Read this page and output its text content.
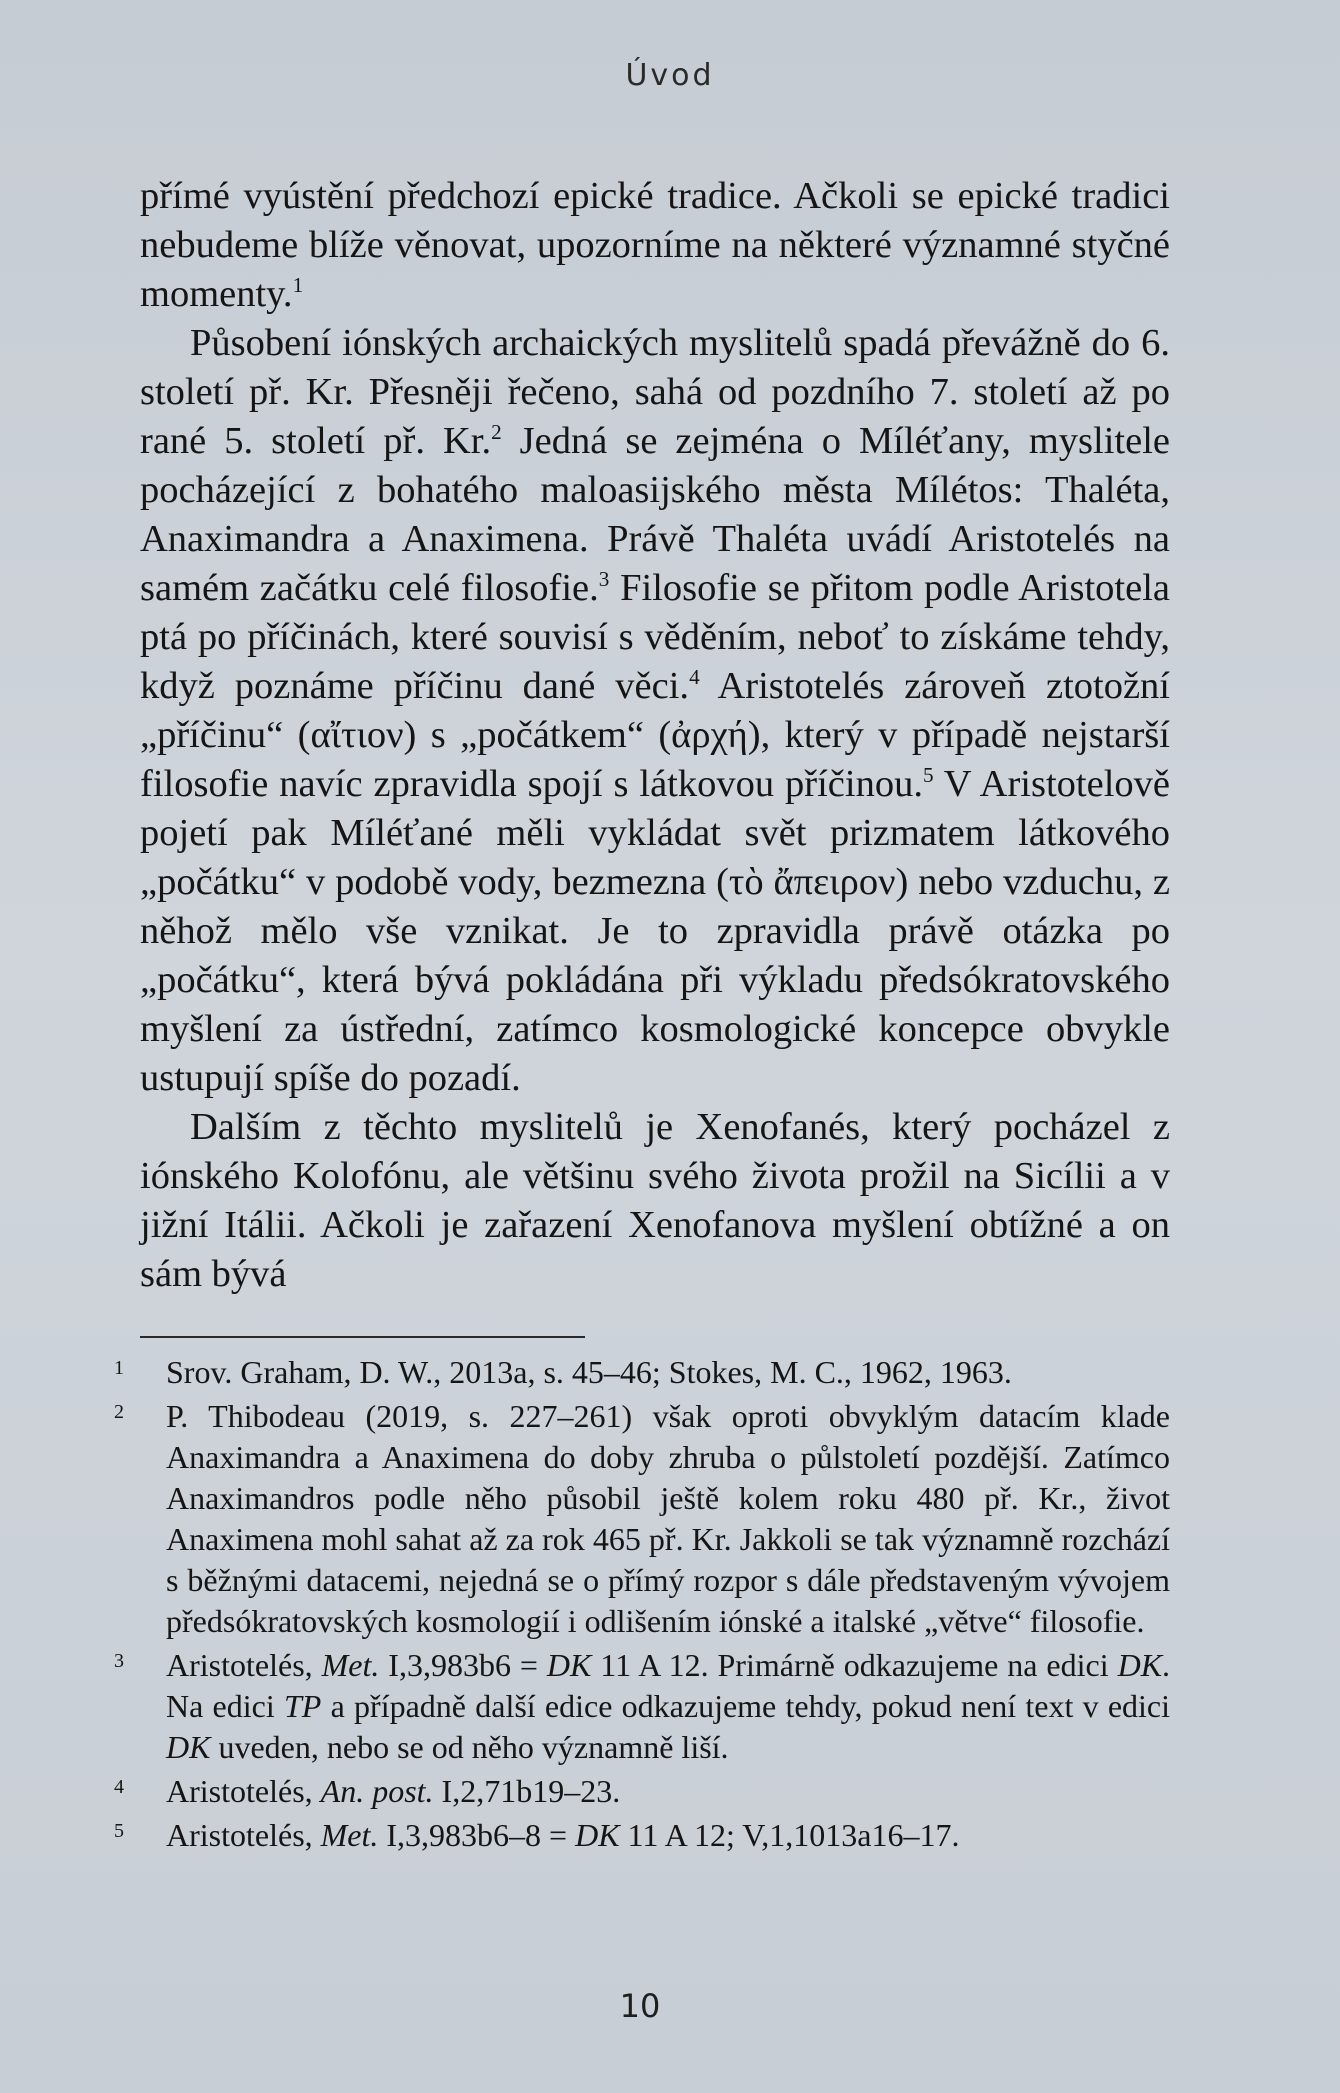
Úvod

přímé vyústění předchozí epické tradice. Ačkoli se epické tradici nebudeme blíže věnovat, upozorníme na některé významné styčné momenty.$^1$

Působení iónských archaických myslitelů spadá převážně do 6. století př. Kr. Přesněji řečeno, sahá od pozdního 7. století až po rané 5. století př. Kr.$^2$ Jedná se zejména o Míléťany, myslitele pocházející z bohatého maloasijského města Mílétos: Thaléta, Anaximandra a Anaximena. Právě Thaléta uvádí Aristotelés na samém začátku celé filosofie.$^3$ Filosofie se přitom podle Aristotela ptá po příčinách, které souvisí s věděním, neboť to získáme tehdy, když poznáme příčinu dané věci.$^4$ Aristotelés zároveň ztotožní „příčinu“ (αἴτιον) s „počátkem“ (ἀρχή), který v případě nejstarší filosofie navíc zpravidla spojí s látkovou příčinou.$^5$ V Aristotelově pojetí pak Míléťané měli vykládat svět prizmatem látkového „počátku“ v podobě vody, bezmezna (τὸ ἄπειρον) nebo vzduchu, z něhož mělo vše vznikat. Je to zpravidla právě otázka po „počátku“, která bývá pokládána při výkladu předsókratovského myšlení za ústřední, zatímco kosmologické koncepce obvykle ustupují spíše do pozadí.

Dalším z těchto myslitelů je Xenofanés, který pocházel z iónského Kolofónu, ale většinu svého života prožil na Sicílii a v jižní Itálii. Ačkoli je zařazení Xenofanova myšlení obtížné a on sám bývá

1	Srov. Graham, D. W., 2013a, s. 45–46; Stokes, M. C., 1962, 1963.
2	P. Thibodeau (2019, s. 227–261) však oproti obvyklým datacím klade Anaximandra a Anaximena do doby zhruba o půlstoletí pozdější. Zatímco Anaximandros podle něho působil ještě kolem roku 480 př. Kr., život Anaximena mohl sahat až za rok 465 př. Kr. Jakkoli se tak významně rozchází s běžnými datacemi, nejedná se o přímý rozpor s dále představeným vývojem předsókratovských kosmologií i odlišením iónské a italské „větve“ filosofie.
3	Aristotelés, Met. I,3,983b6 = DK 11 A 12. Primárně odkazujeme na edici DK. Na edici TP a případně další edice odkazujeme tehdy, pokud není text v edici DK uveden, nebo se od něho významně liší.
4	Aristotelés, An. post. I,2,71b19–23.
5	Aristotelés, Met. I,3,983b6–8 = DK 11 A 12; V,1,1013a16–17.
10
